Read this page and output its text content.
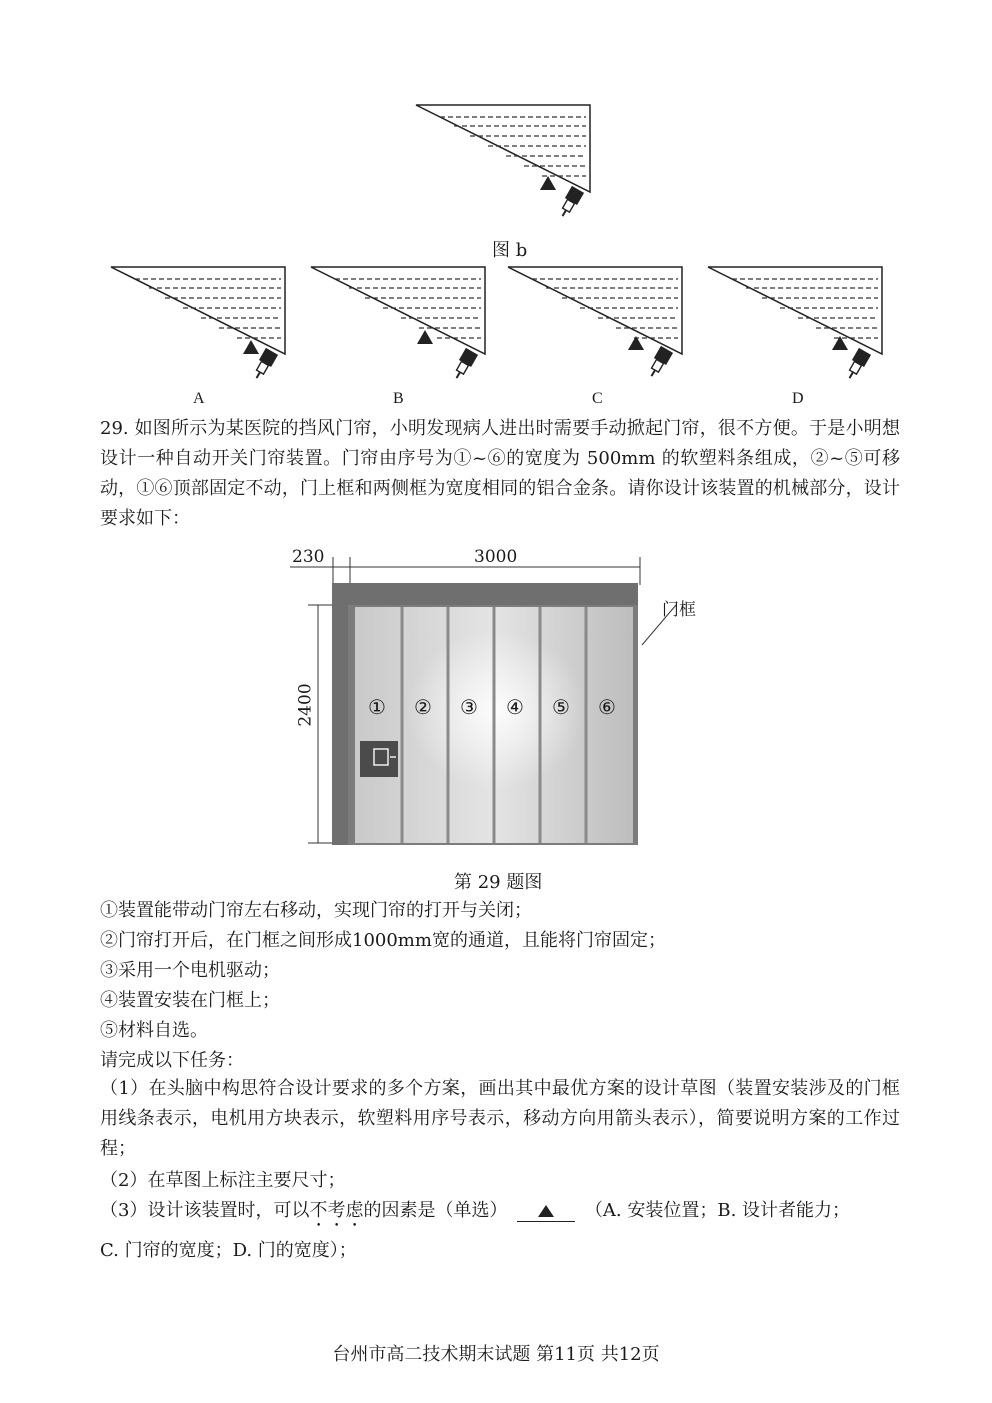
图 b
A	B	C	D
29. 如图所示为某医院的挡风门帘，小明发现病人进出时需要手动掀起门帘，很不方便。于是小明想设计一种自动开关门帘装置。门帘由序号为①~⑥的宽度为 500mm 的软塑料条组成，②~⑤可移动，①⑥顶部固定不动，门上框和两侧框为宽度相同的铝合金条。请你设计该装置的机械部分，设计要求如下：
230	3000
2400
门框
① ② ③ ④ ⑤ ⑥
第 29 题图
①装置能带动门帘左右移动，实现门帘的打开与关闭；
②门帘打开后，在门框之间形成1000mm宽的通道，且能将门帘固定；
③采用一个电机驱动；
④装置安装在门框上；
⑤材料自选。
请完成以下任务：
（1）在头脑中构思符合设计要求的多个方案，画出其中最优方案的设计草图（装置安装涉及的门框用线条表示，电机用方块表示，软塑料用序号表示，移动方向用箭头表示），简要说明方案的工作过程；
（2）在草图上标注主要尺寸；
（3）设计该装置时，可以不考虑的因素是（单选）	（A. 安装位置；B. 设计者能力；
C. 门帘的宽度；D. 门的宽度）；
台州市高二技术期末试题 第11页 共12页
